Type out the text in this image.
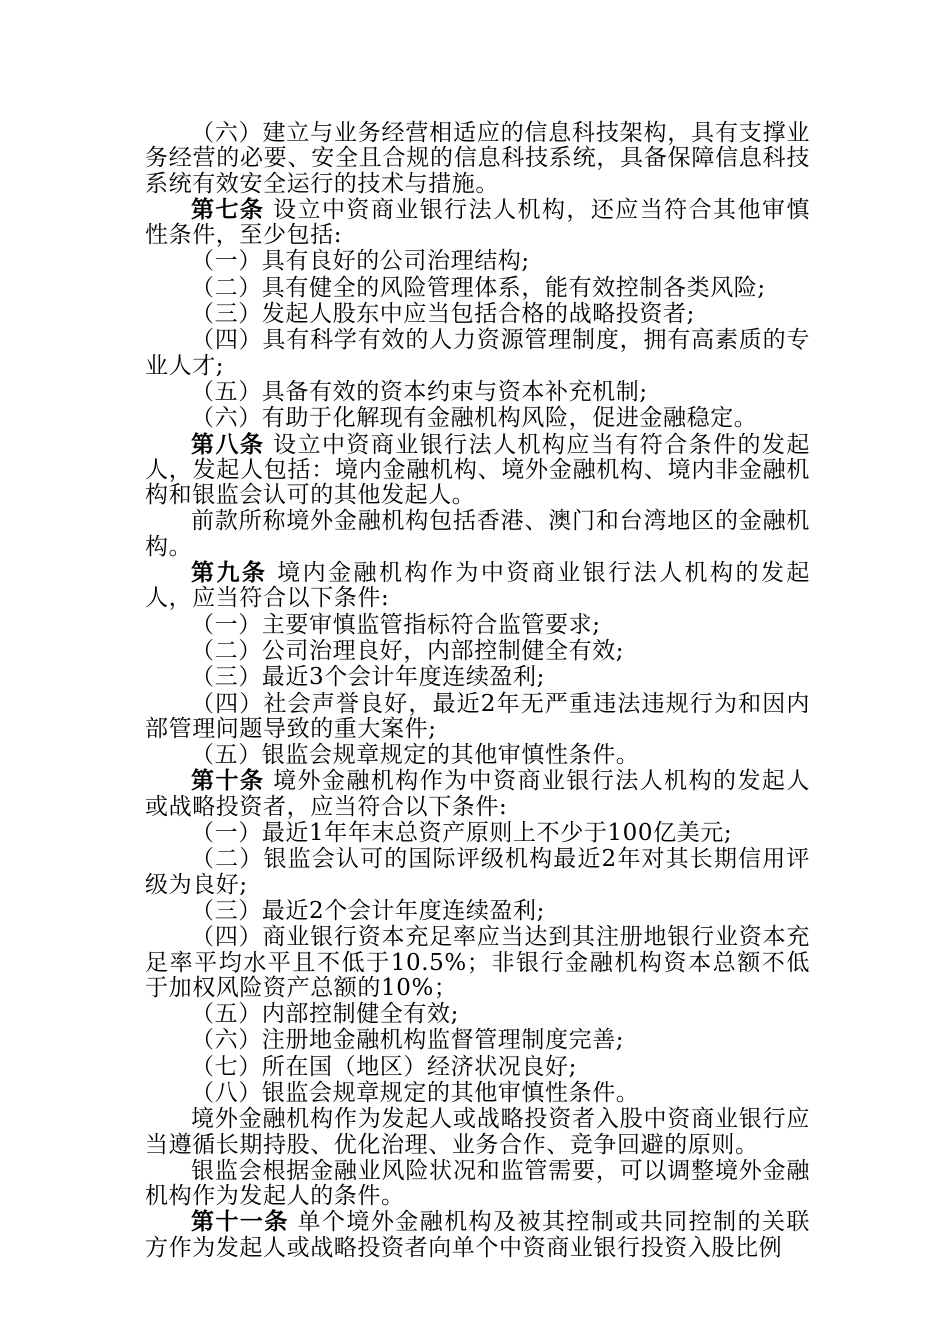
（六）建立与业务经营相适应的信息科技架构，具有支撑业务经营的必要、安全且合规的信息科技系统，具备保障信息科技系统有效安全运行的技术与措施。

第七条 设立中资商业银行法人机构，还应当符合其他审慎性条件，至少包括:

（一）具有良好的公司治理结构;

（二）具有健全的风险管理体系，能有效控制各类风险;

（三）发起人股东中应当包括合格的战略投资者;

（四）具有科学有效的人力资源管理制度，拥有高素质的专业人才;

（五）具备有效的资本约束与资本补充机制;

（六）有助于化解现有金融机构风险，促进金融稳定。

第八条 设立中资商业银行法人机构应当有符合条件的发起人，发起人包括：境内金融机构、境外金融机构、境内非金融机构和银监会认可的其他发起人。

前款所称境外金融机构包括香港、澳门和台湾地区的金融机构。

第九条 境内金融机构作为中资商业银行法人机构的发起人，应当符合以下条件:

（一）主要审慎监管指标符合监管要求;

（二）公司治理良好，内部控制健全有效;

（三）最近3个会计年度连续盈利;

（四）社会声誉良好，最近2年无严重违法违规行为和因内部管理问题导致的重大案件;

（五）银监会规章规定的其他审慎性条件。

第十条 境外金融机构作为中资商业银行法人机构的发起人或战略投资者，应当符合以下条件:

（一）最近1年年末总资产原则上不少于100亿美元;

（二）银监会认可的国际评级机构最近2年对其长期信用评级为良好;

（三）最近2个会计年度连续盈利;

（四）商业银行资本充足率应当达到其注册地银行业资本充足率平均水平且不低于10.5%；非银行金融机构资本总额不低于加权风险资产总额的10%；

（五）内部控制健全有效;

（六）注册地金融机构监督管理制度完善;

（七）所在国（地区）经济状况良好;

（八）银监会规章规定的其他审慎性条件。

境外金融机构作为发起人或战略投资者入股中资商业银行应当遵循长期持股、优化治理、业务合作、竞争回避的原则。

银监会根据金融业风险状况和监管需要，可以调整境外金融机构作为发起人的条件。

第十一条 单个境外金融机构及被其控制或共同控制的关联方作为发起人或战略投资者向单个中资商业银行投资入股比例
